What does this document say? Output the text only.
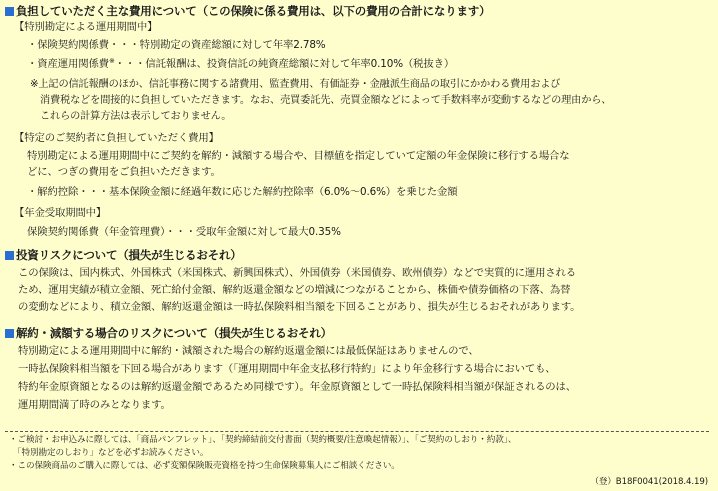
負担していただく主な費用について（この保険に係る費用は、以下の費用の合計になります）
【特別勘定による運用期間中】
・保険契約関係費・・・特別勘定の資産総額に対して年率2.78%
・資産運用関係費※・・・信託報酬は、投資信託の純資産総額に対して年率0.10%（税抜き）
※上記の信託報酬のほか、信託事務に関する諸費用、監査費用、有価証券・金融派生商品の取引にかかわる費用および
消費税などを間接的に負担していただきます。なお、売買委託先、売買金額などによって手数料率が変動するなどの理由から、
これらの計算方法は表示しておりません。
【特定のご契約者に負担していただく費用】
特別勘定による運用期間中にご契約を解約・減額する場合や、目標値を指定していて定額の年金保険に移行する場合な
どに、つぎの費用をご負担いただきます。
・解約控除・・・基本保険金額に経過年数に応じた解約控除率（6.0%～0.6%）を乗じた金額
【年金受取期間中】
保険契約関係費（年金管理費）・・・受取年金額に対して最大0.35%
投資リスクについて（損失が生じるおそれ）
この保険は、国内株式、外国株式（米国株式、新興国株式）、外国債券（米国債券、欧州債券）などで実質的に運用される
ため、運用実績が積立金額、死亡給付金額、解約返還金額などの増減につながることから、株価や債券価格の下落、為替
の変動などにより、積立金額、解約返還金額は一時払保険料相当額を下回ることがあり、損失が生じるおそれがあります。
解約・減額する場合のリスクについて（損失が生じるおそれ）
特別勘定による運用期間中に解約・減額された場合の解約返還金額には最低保証はありませんので、
一時払保険料相当額を下回る場合があります（「運用期間中年金支払移行特約」により年金移行する場合においても、
特約年金原資額となるのは解約返還金額であるため同様です）。年金原資額として一時払保険料相当額が保証されるのは、
運用期間満了時のみとなります。
・ご検討・お申込みに際しては、「商品パンフレット」、「契約締結前交付書面（契約概要/注意喚起情報）」、「ご契約のしおり・約款」、
「特別勘定のしおり」などを必ずお読みください。
・この保険商品のご購入に際しては、必ず変額保険販売資格を持つ生命保険募集人にご相談ください。
（登）B18F0041(2018.4.19)
